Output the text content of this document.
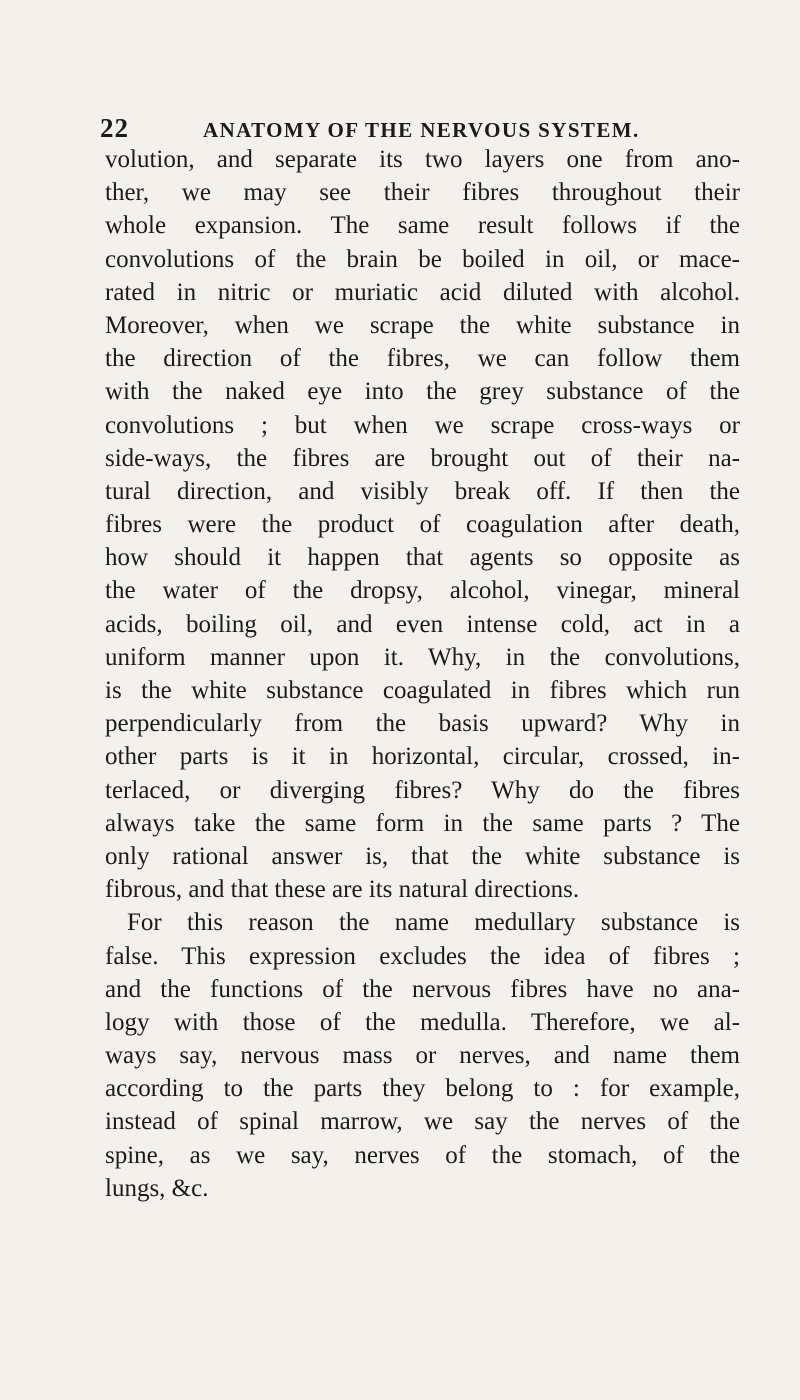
22	ANATOMY OF THE NERVOUS SYSTEM.
volution, and separate its two layers one from ano-
ther, we may see their fibres throughout their
whole expansion. The same result follows if the
convolutions of the brain be boiled in oil, or mace-
rated in nitric or muriatic acid diluted with alcohol.
Moreover, when we scrape the white substance in
the direction of the fibres, we can follow them
with the naked eye into the grey substance of the
convolutions ; but when we scrape cross-ways or
side-ways, the fibres are brought out of their na-
tural direction, and visibly break off. If then the
fibres were the product of coagulation after death,
how should it happen that agents so opposite as
the water of the dropsy, alcohol, vinegar, mineral
acids, boiling oil, and even intense cold, act in a
uniform manner upon it. Why, in the convolutions,
is the white substance coagulated in fibres which run
perpendicularly from the basis upward? Why in
other parts is it in horizontal, circular, crossed, in-
terlaced, or diverging fibres? Why do the fibres
always take the same form in the same parts ? The
only rational answer is, that the white substance is
fibrous, and that these are its natural directions.
For this reason the name medullary substance is
false. This expression excludes the idea of fibres ;
and the functions of the nervous fibres have no ana-
logy with those of the medulla. Therefore, we al-
ways say, nervous mass or nerves, and name them
according to the parts they belong to : for example,
instead of spinal marrow, we say the nerves of the
spine, as we say, nerves of the stomach, of the
lungs, &c.
